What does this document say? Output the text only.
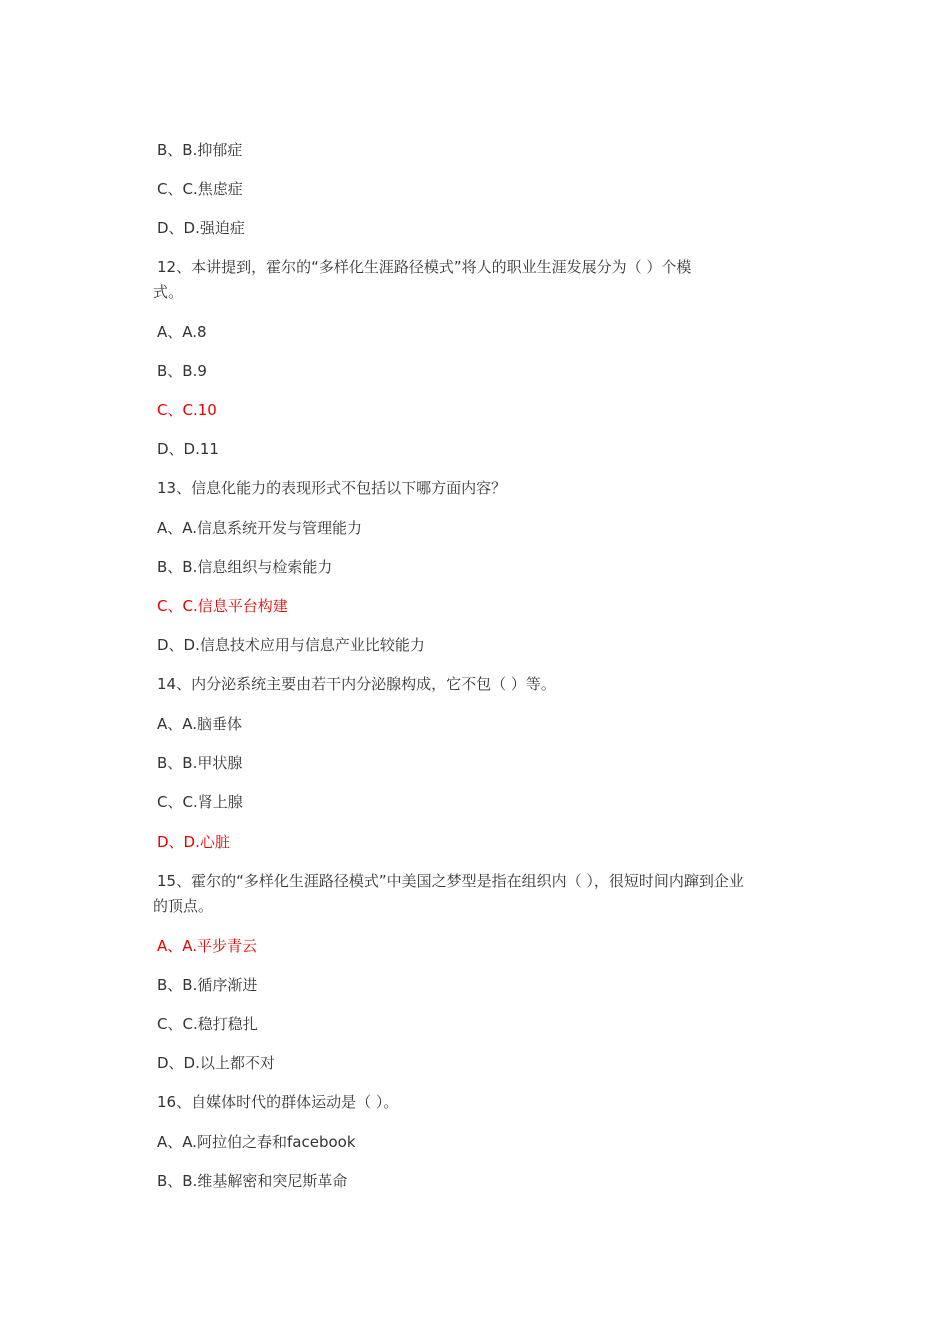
B、B.抑郁症
C、C.焦虑症
D、D.强迫症
12、本讲提到，霍尔的“多样化生涯路径模式”将人的职业生涯发展分为（ ）个模
式。
A、A.8
B、B.9
C、C.10
D、D.11
13、信息化能力的表现形式不包括以下哪方面内容？
A、A.信息系统开发与管理能力
B、B.信息组织与检索能力
C、C.信息平台构建
D、D.信息技术应用与信息产业比较能力
14、内分泌系统主要由若干内分泌腺构成，它不包（ ）等。
A、A.脑垂体
B、B.甲状腺
C、C.肾上腺
D、D.心脏
15、霍尔的“多样化生涯路径模式”中美国之梦型是指在组织内（ ），很短时间内蹿到企业
的顶点。
A、A.平步青云
B、B.循序渐进
C、C.稳打稳扎
D、D.以上都不对
16、自媒体时代的群体运动是（ ）。
A、A.阿拉伯之春和facebook
B、B.维基解密和突尼斯革命
